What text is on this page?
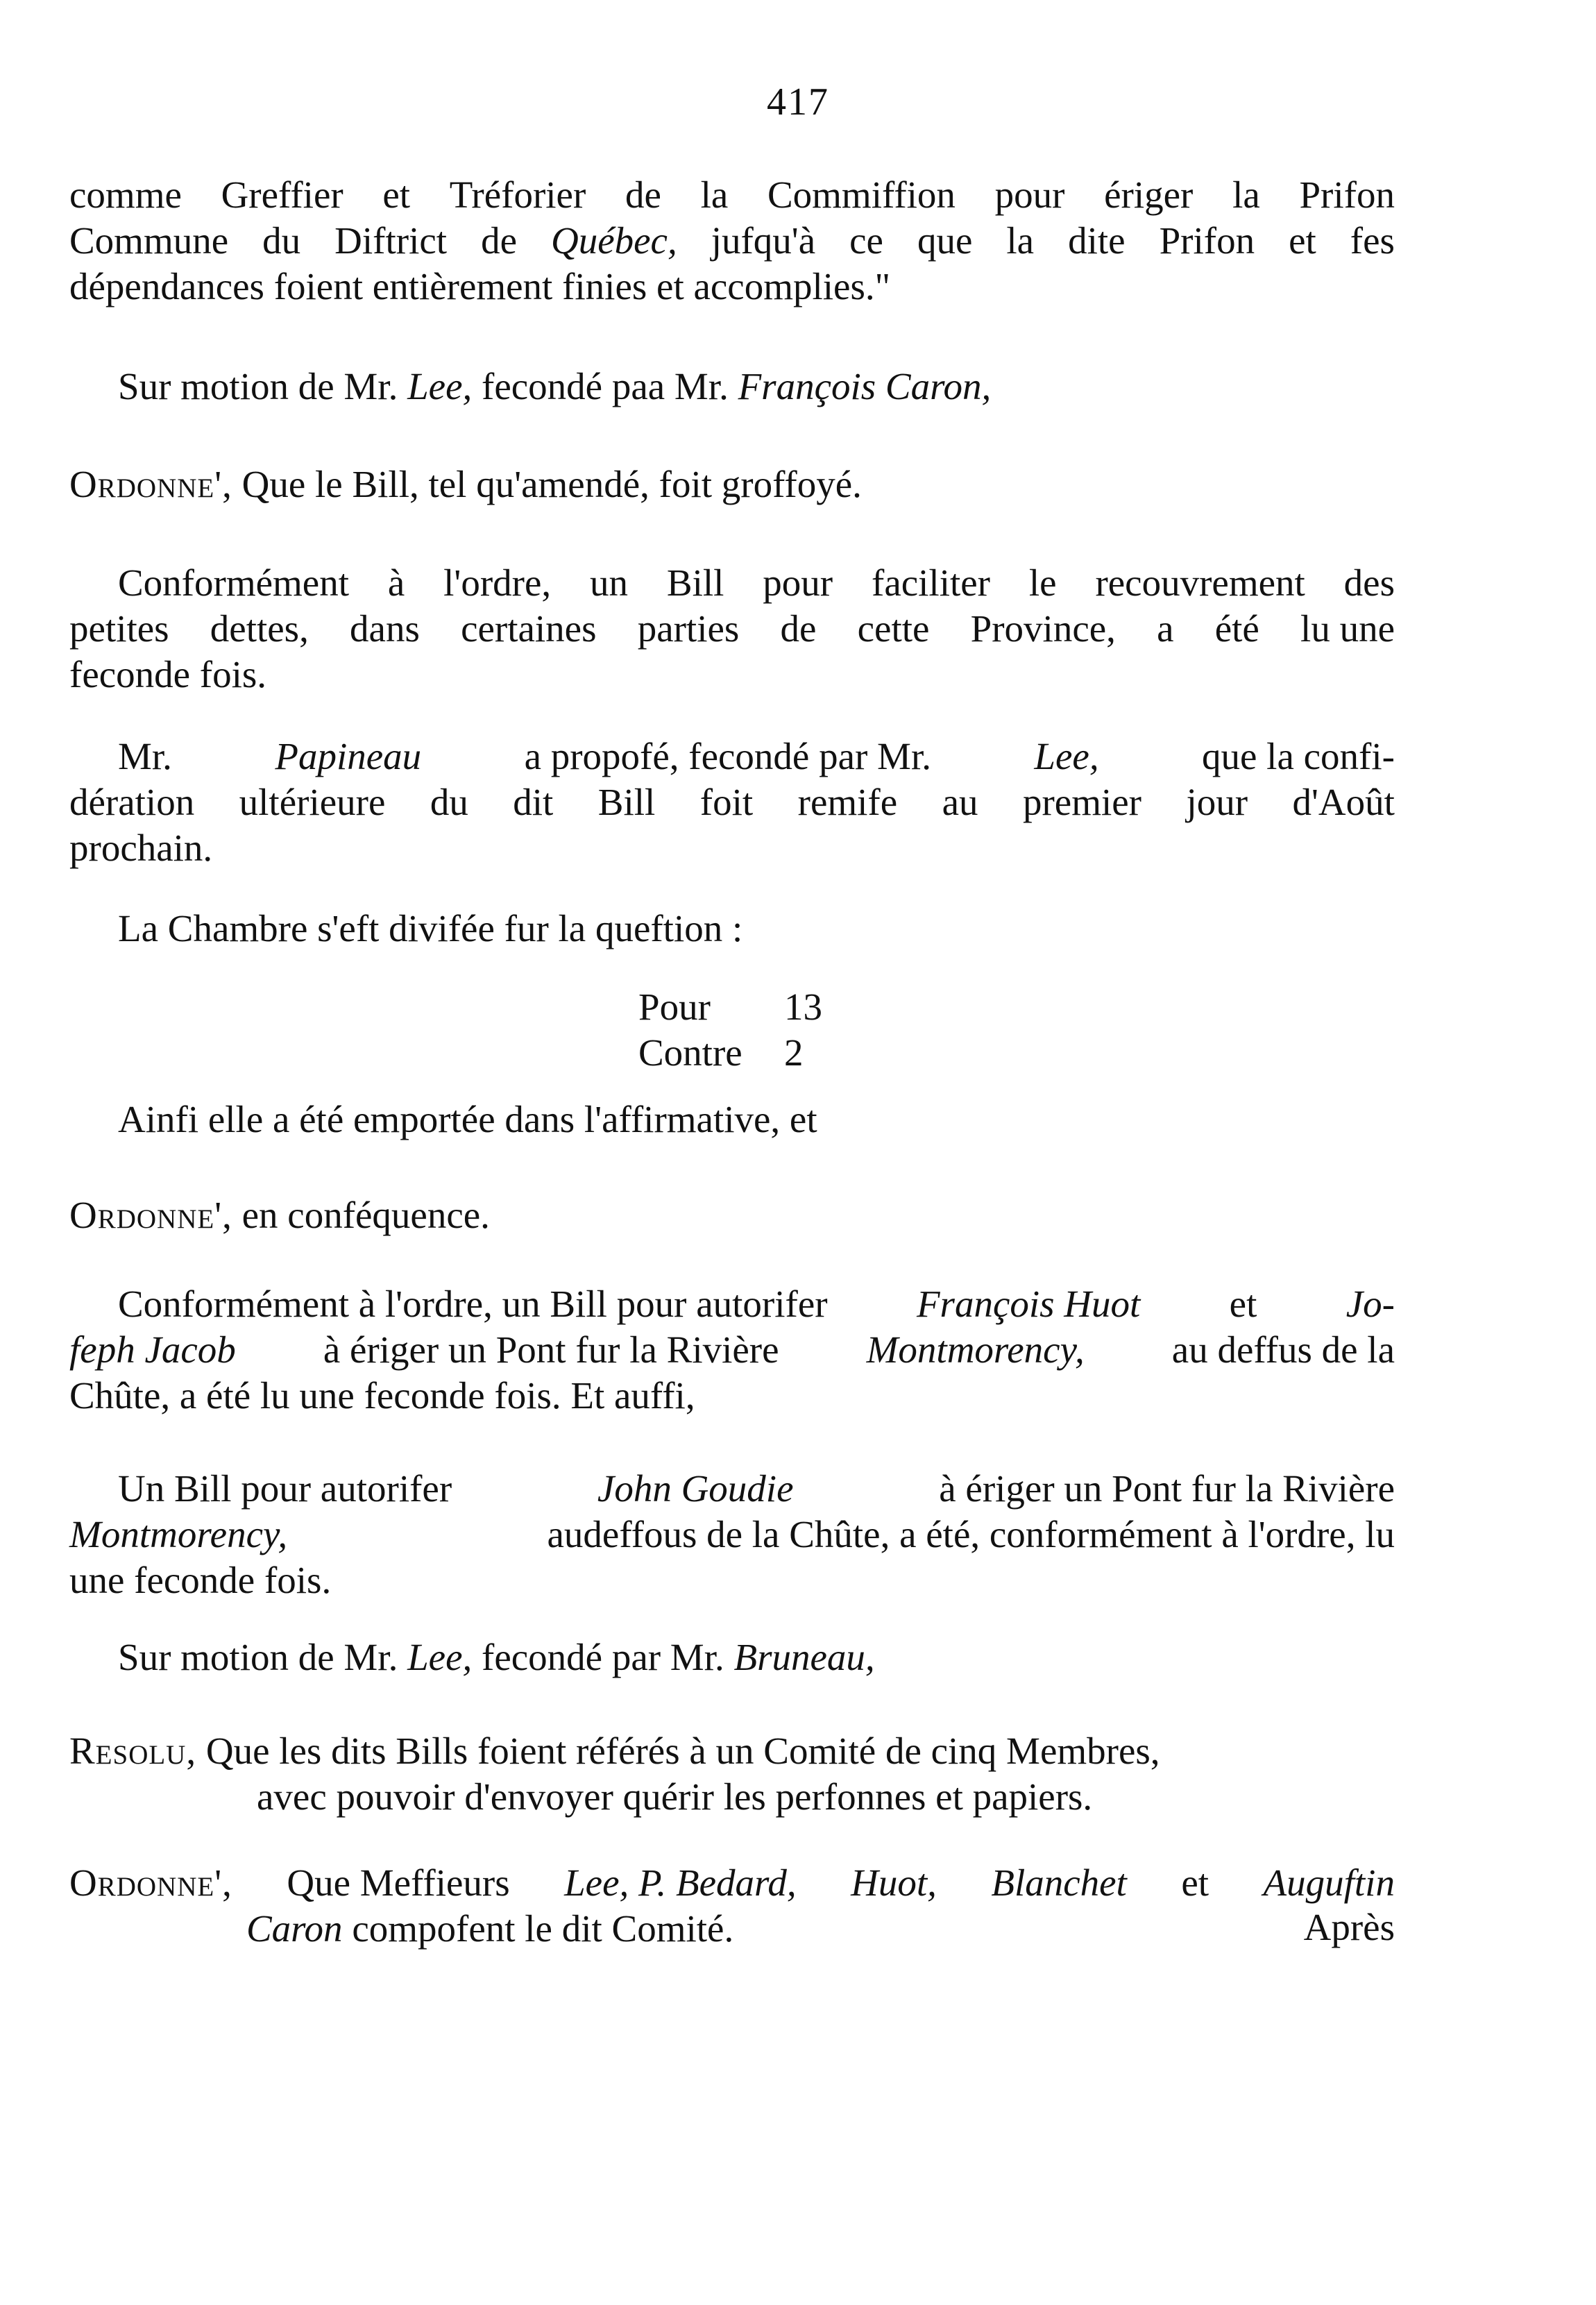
417
comme Greffier et Tréforier de la Commiffion pour ériger la Prifon
Commune du Diftrict de Québec, jufqu'à ce que la dite Prifon et fes
dépendances foient entièrement finies et accomplies."
Sur motion de Mr. Lee, fecondé paa Mr. François Caron,
Ordonne', Que le Bill, tel qu'amendé, foit groffoyé.
Conformément à l'ordre, un Bill pour faciliter le recouvrement des
petites dettes, dans certaines parties de cette Province, a été lu une
feconde fois.
Mr.	Papineau	a propofé, fecondé par Mr.	Lee,	que la confi-
dération ultérieure du dit Bill foit remife au premier jour d'Août
prochain.
La Chambre s'eft divifée fur la queftion :
Pour	13
Contre	2
Ainfi elle a été emportée dans l'affirmative, et
Ordonne', en conféquence.
Conformément à l'ordre, un Bill pour autorifer François Huot et Jo-
feph Jacob à ériger un Pont fur la Rivière Montmorency, au deffus de la
Chûte, a été lu une feconde fois. Et auffi,
Un Bill pour autorifer	John Goudie	à ériger un Pont fur la Rivière
Montmorency,	audeffous de la Chûte, a été, conformément à l'ordre, lu
une feconde fois.
Sur motion de Mr. Lee, fecondé par Mr. Bruneau,
Resolu, Que les dits Bills foient référés à un Comité de cinq Membres,
avec pouvoir d'envoyer quérir les perfonnes et papiers.
Ordonne', Que Meffieurs Lee, P. Bedard, Huot, Blanchet et Auguftin
Caron compofent le dit Comité.	Après
